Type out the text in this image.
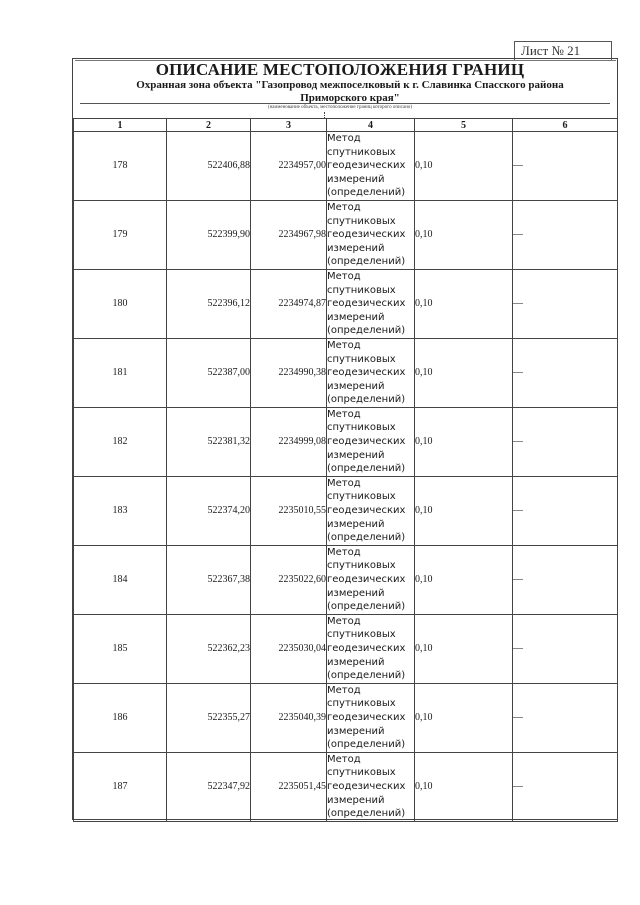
Лист № 21
ОПИСАНИЕ МЕСТОПОЛОЖЕНИЯ ГРАНИЦ
Охранная зона объекта "Газопровод межпоселковый к г. Славинка Спасского района
Приморского края"
(наименование объекта, местоположение границ которого описано)
1	2	3	4	5	6
178	522406,88	2234957,00	Метод
спутниковых
геодезических
измерений
(определений)	0,10	—
179	522399,90	2234967,98	Метод
спутниковых
геодезических
измерений
(определений)	0,10	—
180	522396,12	2234974,87	Метод
спутниковых
геодезических
измерений
(определений)	0,10	—
181	522387,00	2234990,38	Метод
спутниковых
геодезических
измерений
(определений)	0,10	—
182	522381,32	2234999,08	Метод
спутниковых
геодезических
измерений
(определений)	0,10	—
183	522374,20	2235010,55	Метод
спутниковых
геодезических
измерений
(определений)	0,10	—
184	522367,38	2235022,60	Метод
спутниковых
геодезических
измерений
(определений)	0,10	—
185	522362,23	2235030,04	Метод
спутниковых
геодезических
измерений
(определений)	0,10	—
186	522355,27	2235040,39	Метод
спутниковых
геодезических
измерений
(определений)	0,10	—
187	522347,92	2235051,45	Метод
спутниковых
геодезических
измерений
(определений)	0,10	—
